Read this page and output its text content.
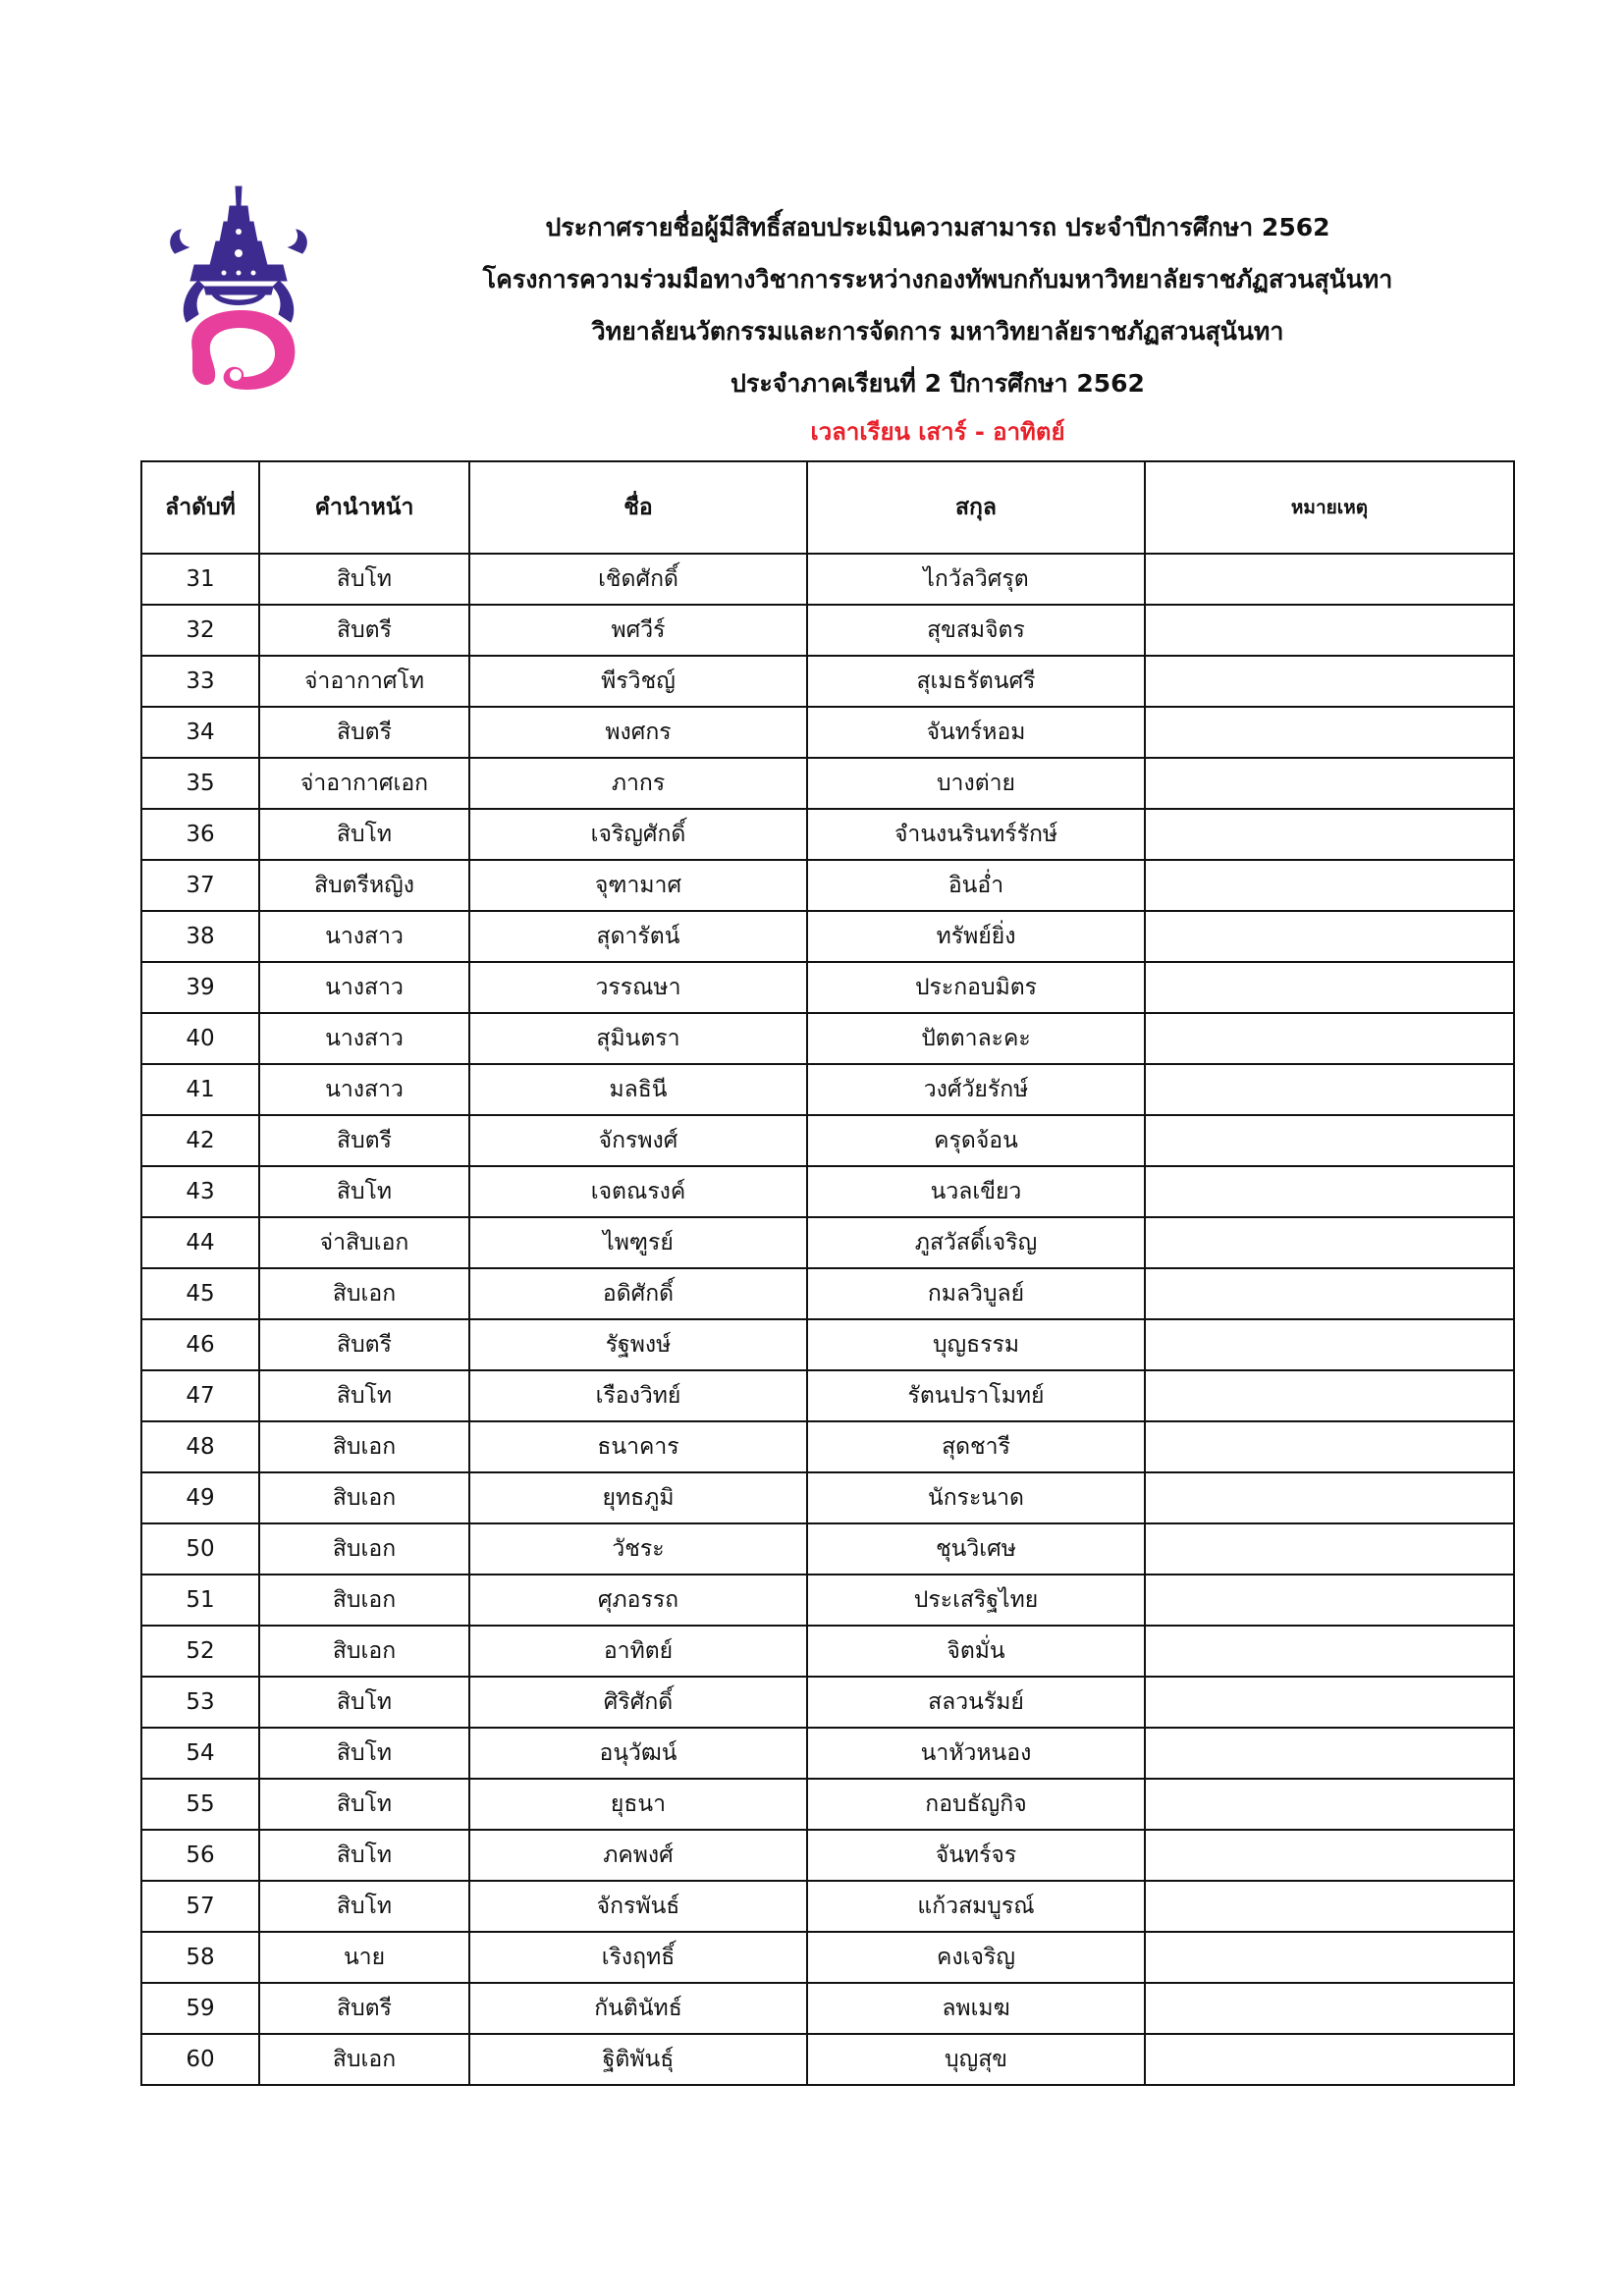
ประกาศรายชื่อผู้มีสิทธิ์สอบประเมินความสามารถ ประจำปีการศึกษา 2562
โครงการความร่วมมือทางวิชาการระหว่างกองทัพบกกับมหาวิทยาลัยราชภัฏสวนสุนันทา
วิทยาลัยนวัตกรรมและการจัดการ มหาวิทยาลัยราชภัฏสวนสุนันทา
ประจำภาคเรียนที่ 2 ปีการศึกษา 2562
เวลาเรียน เสาร์ - อาทิตย์
ลำดับที่	คำนำหน้า	ชื่อ	สกุล	หมายเหตุ
31	สิบโท	เชิดศักดิ์	ไกวัลวิศรุต	
32	สิบตรี	พศวีร์	สุขสมจิตร	
33	จ่าอากาศโท	พีรวิชญ์	สุเมธรัตนศรี	
34	สิบตรี	พงศกร	จันทร์หอม	
35	จ่าอากาศเอก	ภากร	บางต่าย	
36	สิบโท	เจริญศักดิ์	จำนงนรินทร์รักษ์	
37	สิบตรีหญิง	จุฑามาศ	อินอ่ำ	
38	นางสาว	สุดารัตน์	ทรัพย์ยิ่ง	
39	นางสาว	วรรณษา	ประกอบมิตร	
40	นางสาว	สุมินตรา	ปัตตาละคะ	
41	นางสาว	มลธินี	วงศ์วัยรักษ์	
42	สิบตรี	จักรพงศ์	ครุดจ้อน	
43	สิบโท	เจตณรงค์	นวลเขียว	
44	จ่าสิบเอก	ไพฑูรย์	ภูสวัสดิ์เจริญ	
45	สิบเอก	อดิศักดิ์	กมลวิบูลย์	
46	สิบตรี	รัฐพงษ์	บุญธรรม	
47	สิบโท	เรืองวิทย์	รัตนปราโมทย์	
48	สิบเอก	ธนาคาร	สุดชารี	
49	สิบเอก	ยุทธภูมิ	นักระนาด	
50	สิบเอก	วัชระ	ชุนวิเศษ	
51	สิบเอก	ศุภอรรถ	ประเสริฐไทย	
52	สิบเอก	อาทิตย์	จิตมั่น	
53	สิบโท	ศิริศักดิ์	สลวนรัมย์	
54	สิบโท	อนุวัฒน์	นาหัวหนอง	
55	สิบโท	ยุธนา	กอบธัญกิจ	
56	สิบโท	ภคพงศ์	จันทร์จร	
57	สิบโท	จักรพันธ์	แก้วสมบูรณ์	
58	นาย	เริงฤทธิ์	คงเจริญ	
59	สิบตรี	กันตินัทธ์	ลพเมฆ	
60	สิบเอก	ฐิติพันธุ์	บุญสุข	
